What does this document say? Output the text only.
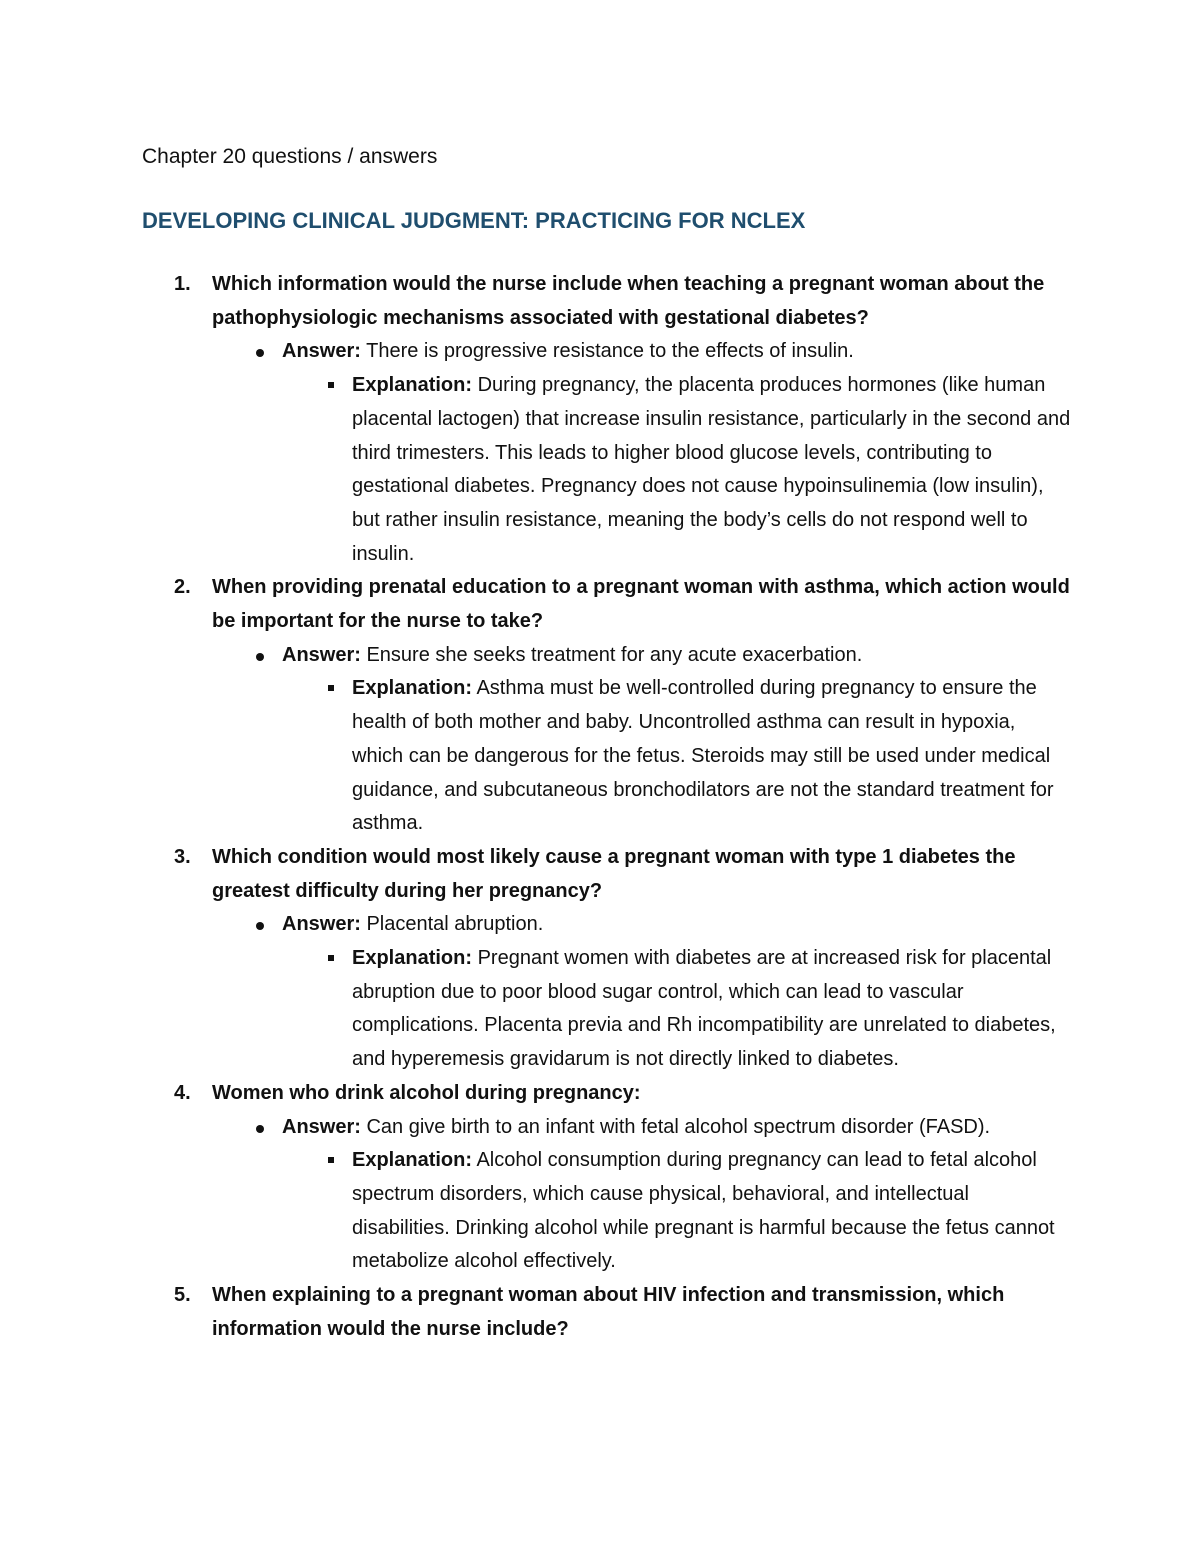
Chapter 20 questions / answers
DEVELOPING CLINICAL JUDGMENT: PRACTICING FOR NCLEX
1. Which information would the nurse include when teaching a pregnant woman about the pathophysiologic mechanisms associated with gestational diabetes?
Answer: There is progressive resistance to the effects of insulin.
Explanation: During pregnancy, the placenta produces hormones (like human placental lactogen) that increase insulin resistance, particularly in the second and third trimesters. This leads to higher blood glucose levels, contributing to gestational diabetes. Pregnancy does not cause hypoinsulinemia (low insulin), but rather insulin resistance, meaning the body’s cells do not respond well to insulin.
2. When providing prenatal education to a pregnant woman with asthma, which action would be important for the nurse to take?
Answer: Ensure she seeks treatment for any acute exacerbation.
Explanation: Asthma must be well-controlled during pregnancy to ensure the health of both mother and baby. Uncontrolled asthma can result in hypoxia, which can be dangerous for the fetus. Steroids may still be used under medical guidance, and subcutaneous bronchodilators are not the standard treatment for asthma.
3. Which condition would most likely cause a pregnant woman with type 1 diabetes the greatest difficulty during her pregnancy?
Answer: Placental abruption.
Explanation: Pregnant women with diabetes are at increased risk for placental abruption due to poor blood sugar control, which can lead to vascular complications. Placenta previa and Rh incompatibility are unrelated to diabetes, and hyperemesis gravidarum is not directly linked to diabetes.
4. Women who drink alcohol during pregnancy:
Answer: Can give birth to an infant with fetal alcohol spectrum disorder (FASD).
Explanation: Alcohol consumption during pregnancy can lead to fetal alcohol spectrum disorders, which cause physical, behavioral, and intellectual disabilities. Drinking alcohol while pregnant is harmful because the fetus cannot metabolize alcohol effectively.
5. When explaining to a pregnant woman about HIV infection and transmission, which information would the nurse include?
